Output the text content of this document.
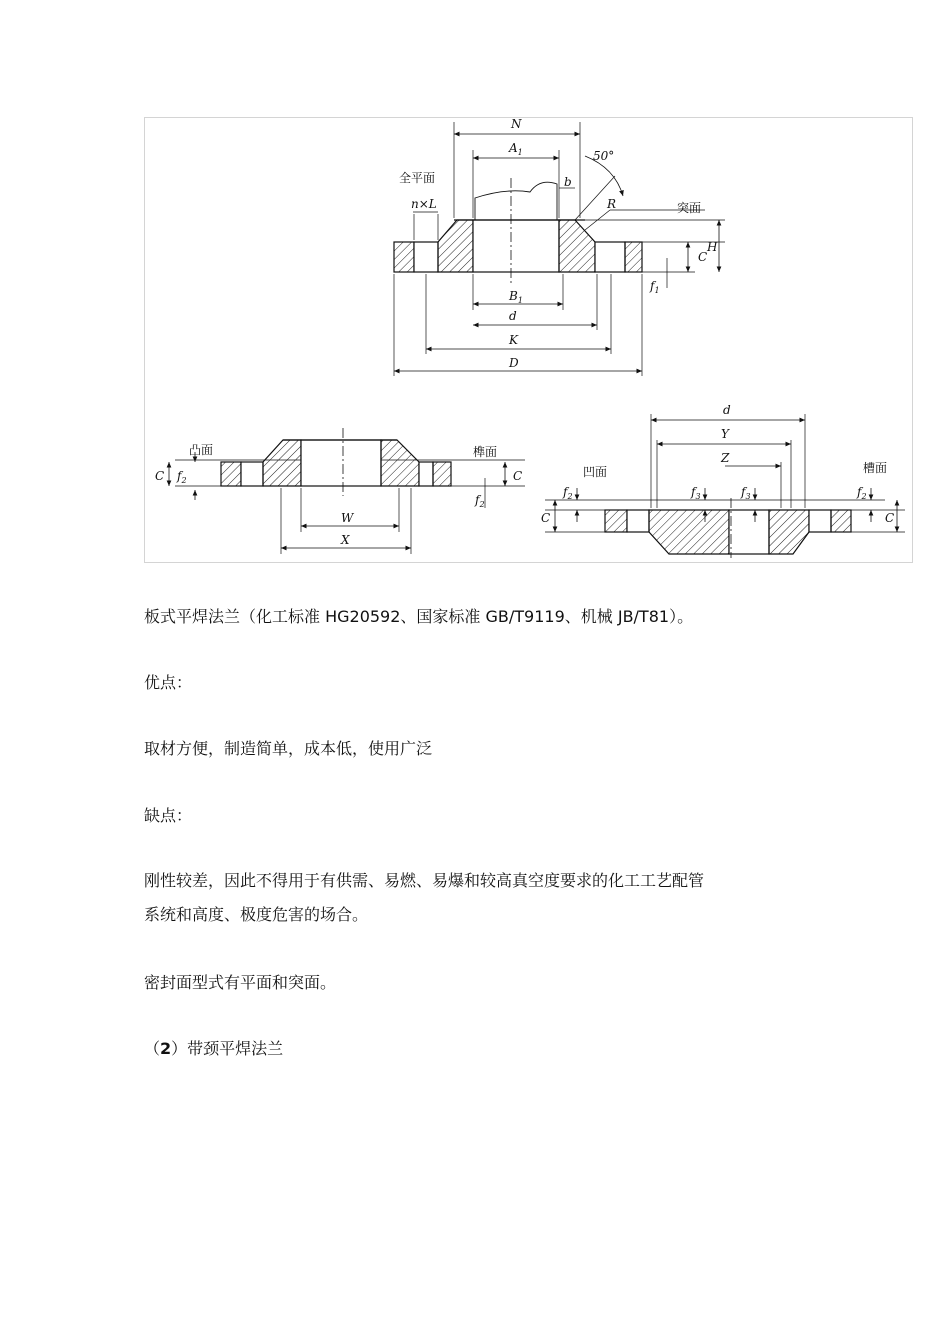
N
$A_1$	50°
b
全平面
n×L	R	突面
C
H
$f_1$
$B_1$
d
K
D
凸面	榫面
C $f_2$	C
$f_2$
W
X
d
Y
Z
凹面	槽面
C
$f_2$	$f_3$	$f_3$	$f_2$
C

板式平焊法兰（化工标准 HG20592、国家标准 GB/T9119、机械 JB/T81）。

优点：

取材方便，制造简单，成本低，使用广泛

缺点：

刚性较差，因此不得用于有供需、易燃、易爆和较高真空度要求的化工工艺配管

系统和高度、极度危害的场合。

密封面型式有平面和突面。

（2）带颈平焊法兰
